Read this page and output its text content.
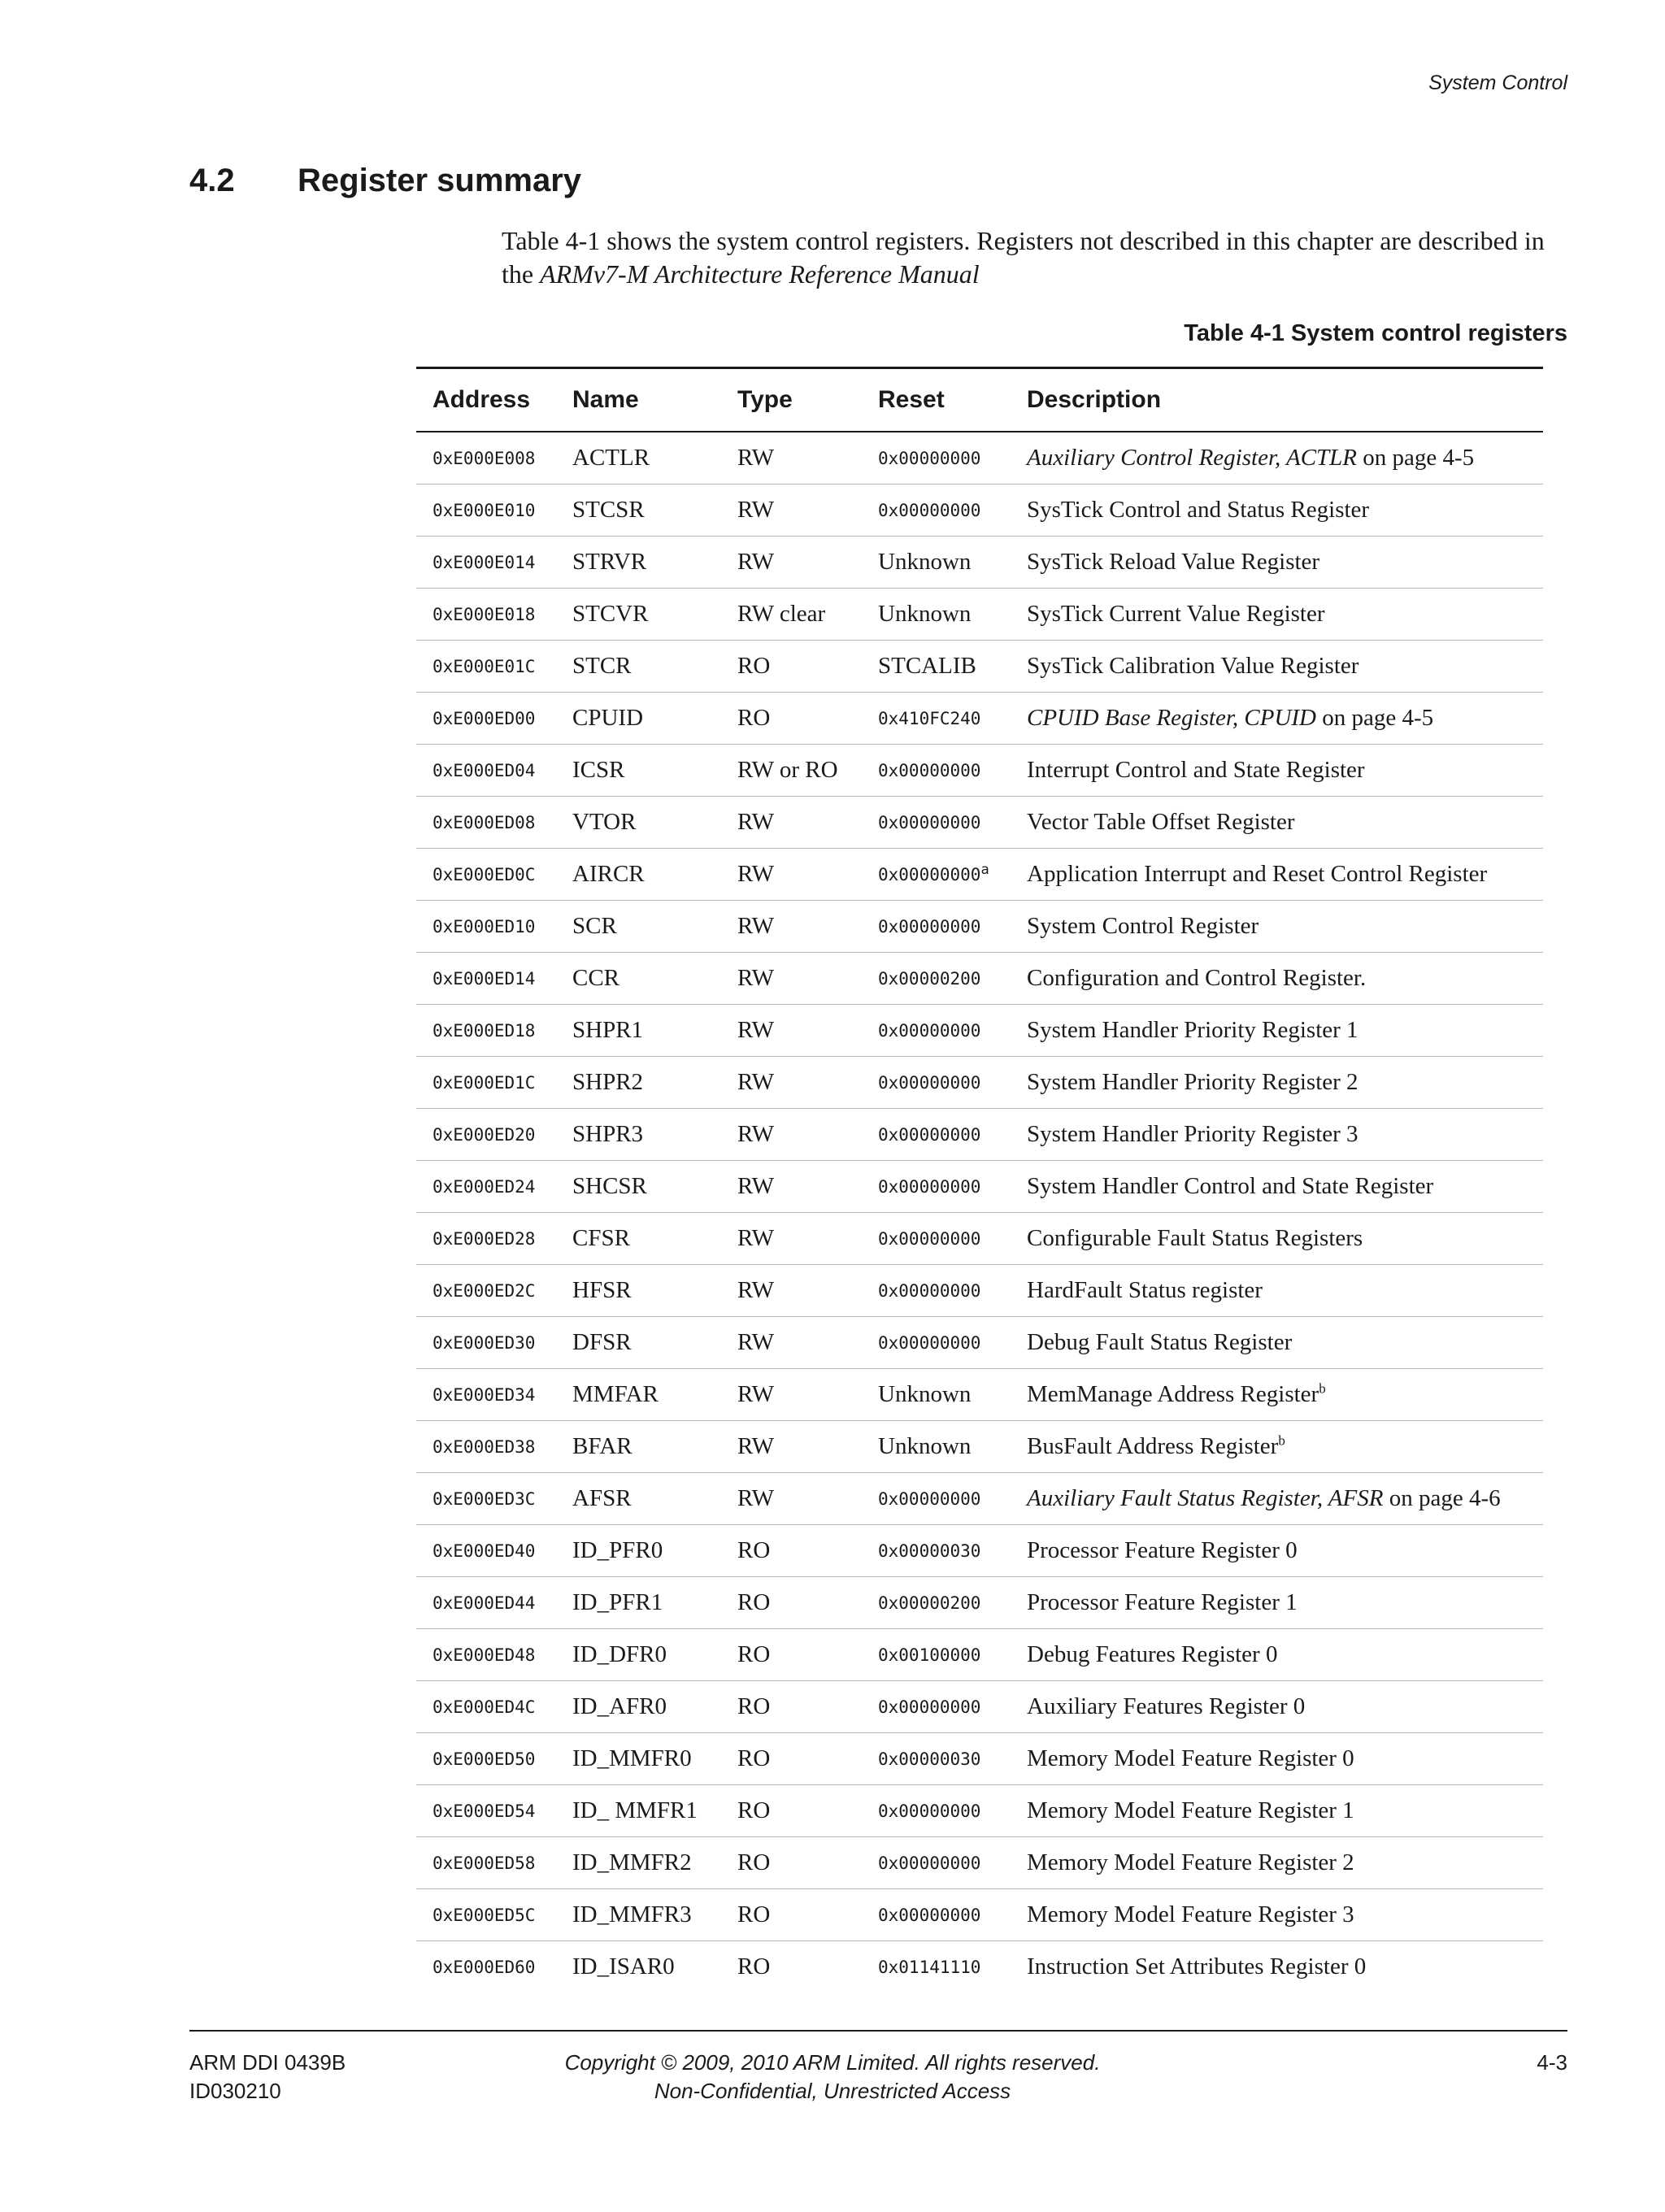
System Control
4.2 Register summary
Table 4-1 shows the system control registers. Registers not described in this chapter are described in the ARMv7-M Architecture Reference Manual
Table 4-1 System control registers
Address	Name	Type	Reset	Description
0xE000E008	ACTLR	RW	0x00000000	Auxiliary Control Register, ACTLR on page 4-5
0xE000E010	STCSR	RW	0x00000000	SysTick Control and Status Register
0xE000E014	STRVR	RW	Unknown	SysTick Reload Value Register
0xE000E018	STCVR	RW clear	Unknown	SysTick Current Value Register
0xE000E01C	STCR	RO	STCALIB	SysTick Calibration Value Register
0xE000ED00	CPUID	RO	0x410FC240	CPUID Base Register, CPUID on page 4-5
0xE000ED04	ICSR	RW or RO	0x00000000	Interrupt Control and State Register
0xE000ED08	VTOR	RW	0x00000000	Vector Table Offset Register
0xE000ED0C	AIRCR	RW	0x00000000$^a$	Application Interrupt and Reset Control Register
0xE000ED10	SCR	RW	0x00000000	System Control Register
0xE000ED14	CCR	RW	0x00000200	Configuration and Control Register.
0xE000ED18	SHPR1	RW	0x00000000	System Handler Priority Register 1
0xE000ED1C	SHPR2	RW	0x00000000	System Handler Priority Register 2
0xE000ED20	SHPR3	RW	0x00000000	System Handler Priority Register 3
0xE000ED24	SHCSR	RW	0x00000000	System Handler Control and State Register
0xE000ED28	CFSR	RW	0x00000000	Configurable Fault Status Registers
0xE000ED2C	HFSR	RW	0x00000000	HardFault Status register
0xE000ED30	DFSR	RW	0x00000000	Debug Fault Status Register
0xE000ED34	MMFAR	RW	Unknown	MemManage Address Register$^b$
0xE000ED38	BFAR	RW	Unknown	BusFault Address Register$^b$
0xE000ED3C	AFSR	RW	0x00000000	Auxiliary Fault Status Register, AFSR on page 4-6
0xE000ED40	ID_PFR0	RO	0x00000030	Processor Feature Register 0
0xE000ED44	ID_PFR1	RO	0x00000200	Processor Feature Register 1
0xE000ED48	ID_DFR0	RO	0x00100000	Debug Features Register 0
0xE000ED4C	ID_AFR0	RO	0x00000000	Auxiliary Features Register 0
0xE000ED50	ID_MMFR0	RO	0x00000030	Memory Model Feature Register 0
0xE000ED54	ID_ MMFR1	RO	0x00000000	Memory Model Feature Register 1
0xE000ED58	ID_MMFR2	RO	0x00000000	Memory Model Feature Register 2
0xE000ED5C	ID_MMFR3	RO	0x00000000	Memory Model Feature Register 3
0xE000ED60	ID_ISAR0	RO	0x01141110	Instruction Set Attributes Register 0
ARM DDI 0439B
ID030210
Copyright © 2009, 2010 ARM Limited. All rights reserved.
Non-Confidential, Unrestricted Access
4-3
